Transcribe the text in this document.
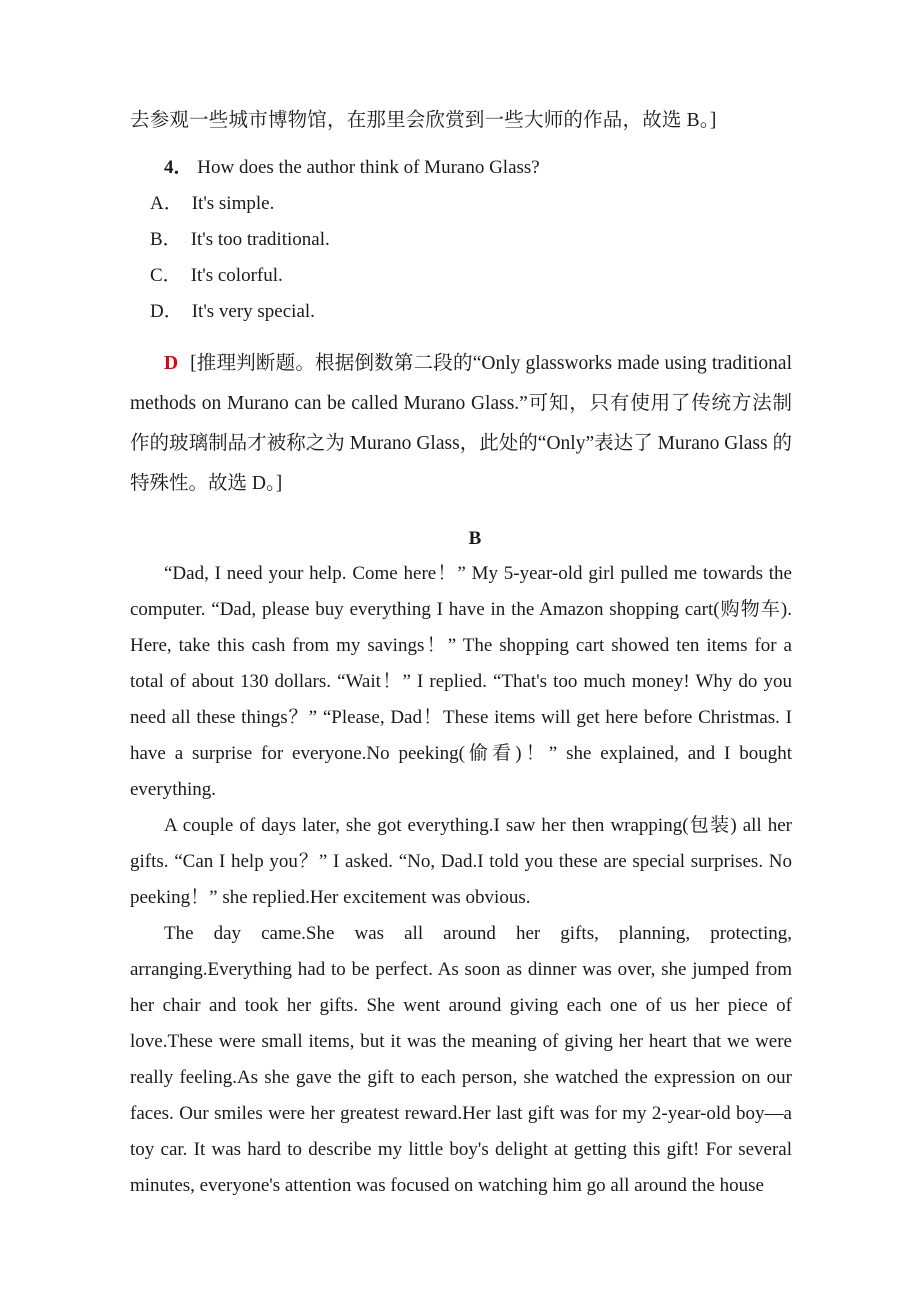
去参观一些城市博物馆，在那里会欣赏到一些大师的作品，故选 B。]
4． How does the author think of Murano Glass?
A． It's simple.
B． It's too traditional.
C． It's colorful.
D． It's very special.
D [推理判断题。根据倒数第二段的“Only glassworks made using traditional methods on Murano can be called Murano Glass.”可知，只有使用了传统方法制作的玻璃制品才被称之为 Murano Glass，此处的“Only”表达了 Murano Glass 的特殊性。故选 D。]
B

“Dad, I need your help. Come here！” My 5-year-old girl pulled me towards the computer. “Dad, please buy everything I have in the Amazon shopping cart(购物车). Here, take this cash from my savings！” The shopping cart showed ten items for a total of about 130 dollars. “Wait！” I replied. “That's too much money! Why do you need all these things？” “Please, Dad！These items will get here before Christmas. I have a surprise for everyone.No peeking(偷看)！” she explained, and I bought everything.

A couple of days later, she got everything.I saw her then wrapping(包装) all her gifts. “Can I help you？” I asked. “No, Dad.I told you these are special surprises. No peeking！” she replied.Her excitement was obvious.

The day came.She was all around her gifts, planning, protecting, arranging.Everything had to be perfect. As soon as dinner was over, she jumped from her chair and took her gifts. She went around giving each one of us her piece of love.These were small items, but it was the meaning of giving her heart that we were really feeling.As she gave the gift to each person, she watched the expression on our faces. Our smiles were her greatest reward.Her last gift was for my 2-year-old boy—a toy car. It was hard to describe my little boy's delight at getting this gift! For several minutes, everyone's attention was focused on watching him go all around the house
